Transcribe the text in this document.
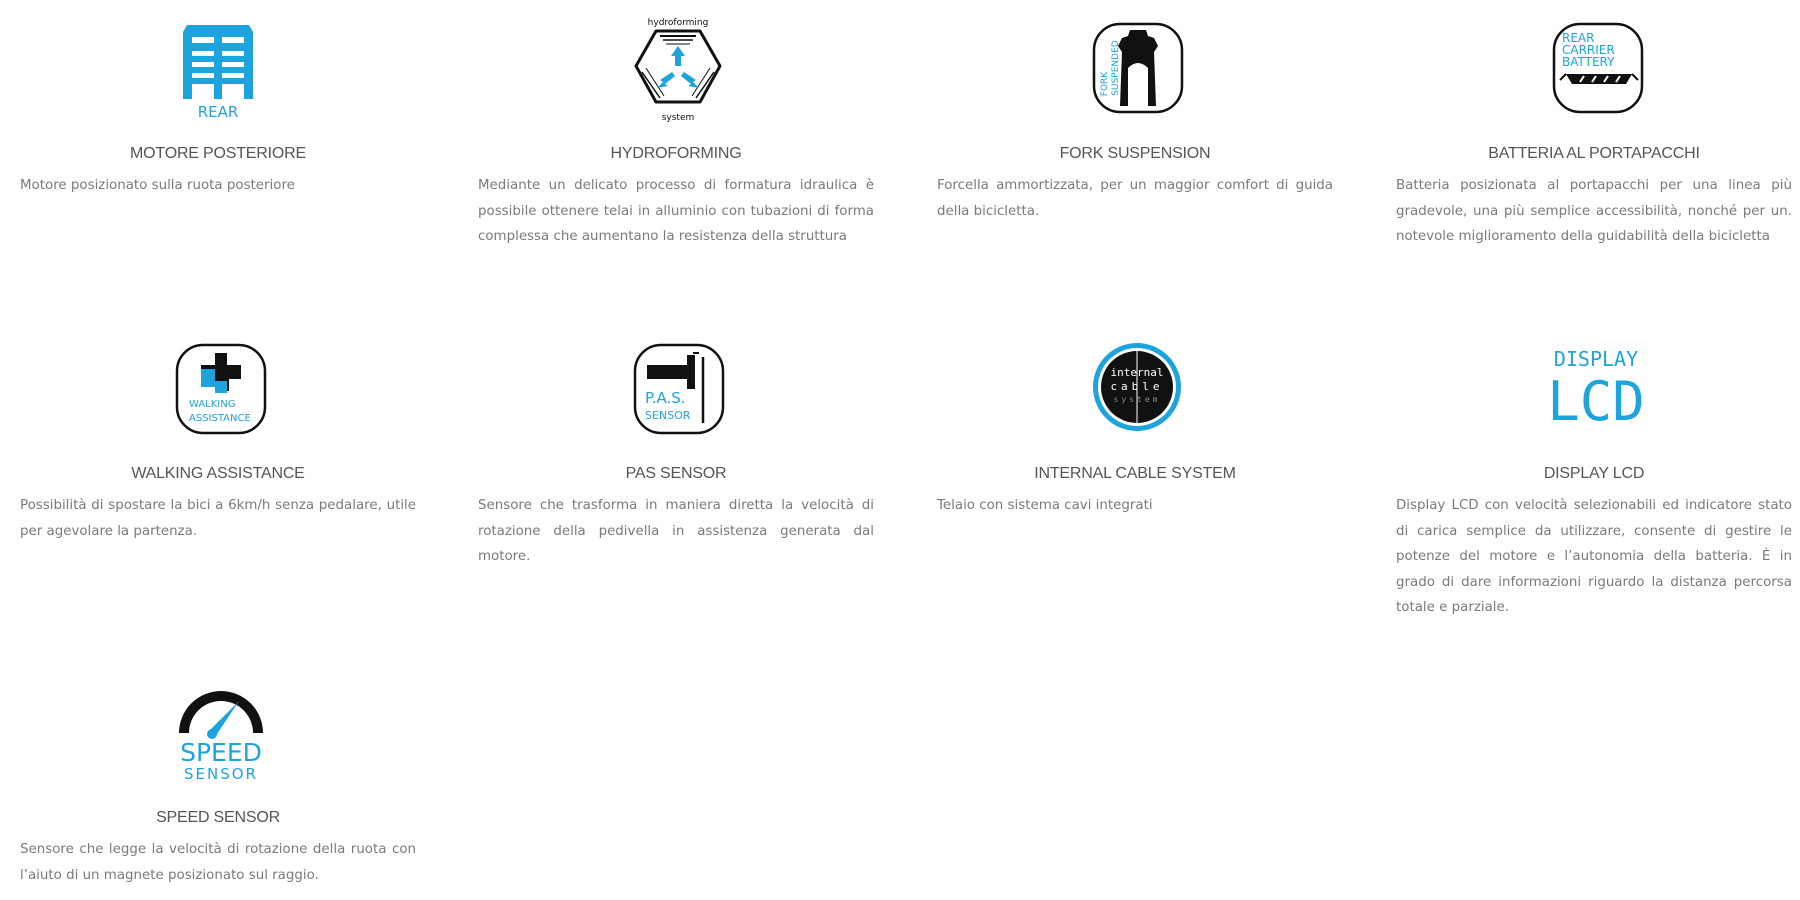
REAR
MOTORE POSTERIORE

Motore posizionato sulla ruota posteriore

hydroforming
system
HYDROFORMING

Mediante un delicato processo di formatura idraulica è possibile ottenere telai in alluminio con tubazioni di forma complessa che aumentano la resistenza della struttura

FORK SUSPENDED
FORK SUSPENSION

Forcella ammortizzata, per un maggior comfort di guida della bicicletta.

REAR
CARRIER
BATTERY
BATTERIA AL PORTAPACCHI

Batteria posizionata al portapacchi per una linea più gradevole, una più semplice accessibilità, nonché per un. notevole miglioramento della guidabilità della bicicletta

WALKING
ASSISTANCE
WALKING ASSISTANCE

Possibilità di spostare la bici a 6km/h senza pedalare, utile per agevolare la partenza.

P.A.S.
SENSOR
PAS SENSOR

Sensore che trasforma in maniera diretta la velocità di rotazione della pedivella in assistenza generata dal motore.

internal
cable
system
INTERNAL CABLE SYSTEM

Telaio con sistema cavi integrati

DISPLAY
LCD
DISPLAY LCD

Display LCD con velocità selezionabili ed indicatore stato di carica semplice da utilizzare, consente di gestire le potenze del motore e l’autonomia della batteria. È in grado di dare informazioni riguardo la distanza percorsa totale e parziale.

SPEED
SENSOR
SPEED SENSOR

Sensore che legge la velocità di rotazione della ruota con l’aiuto di un magnete posizionato sul raggio.
